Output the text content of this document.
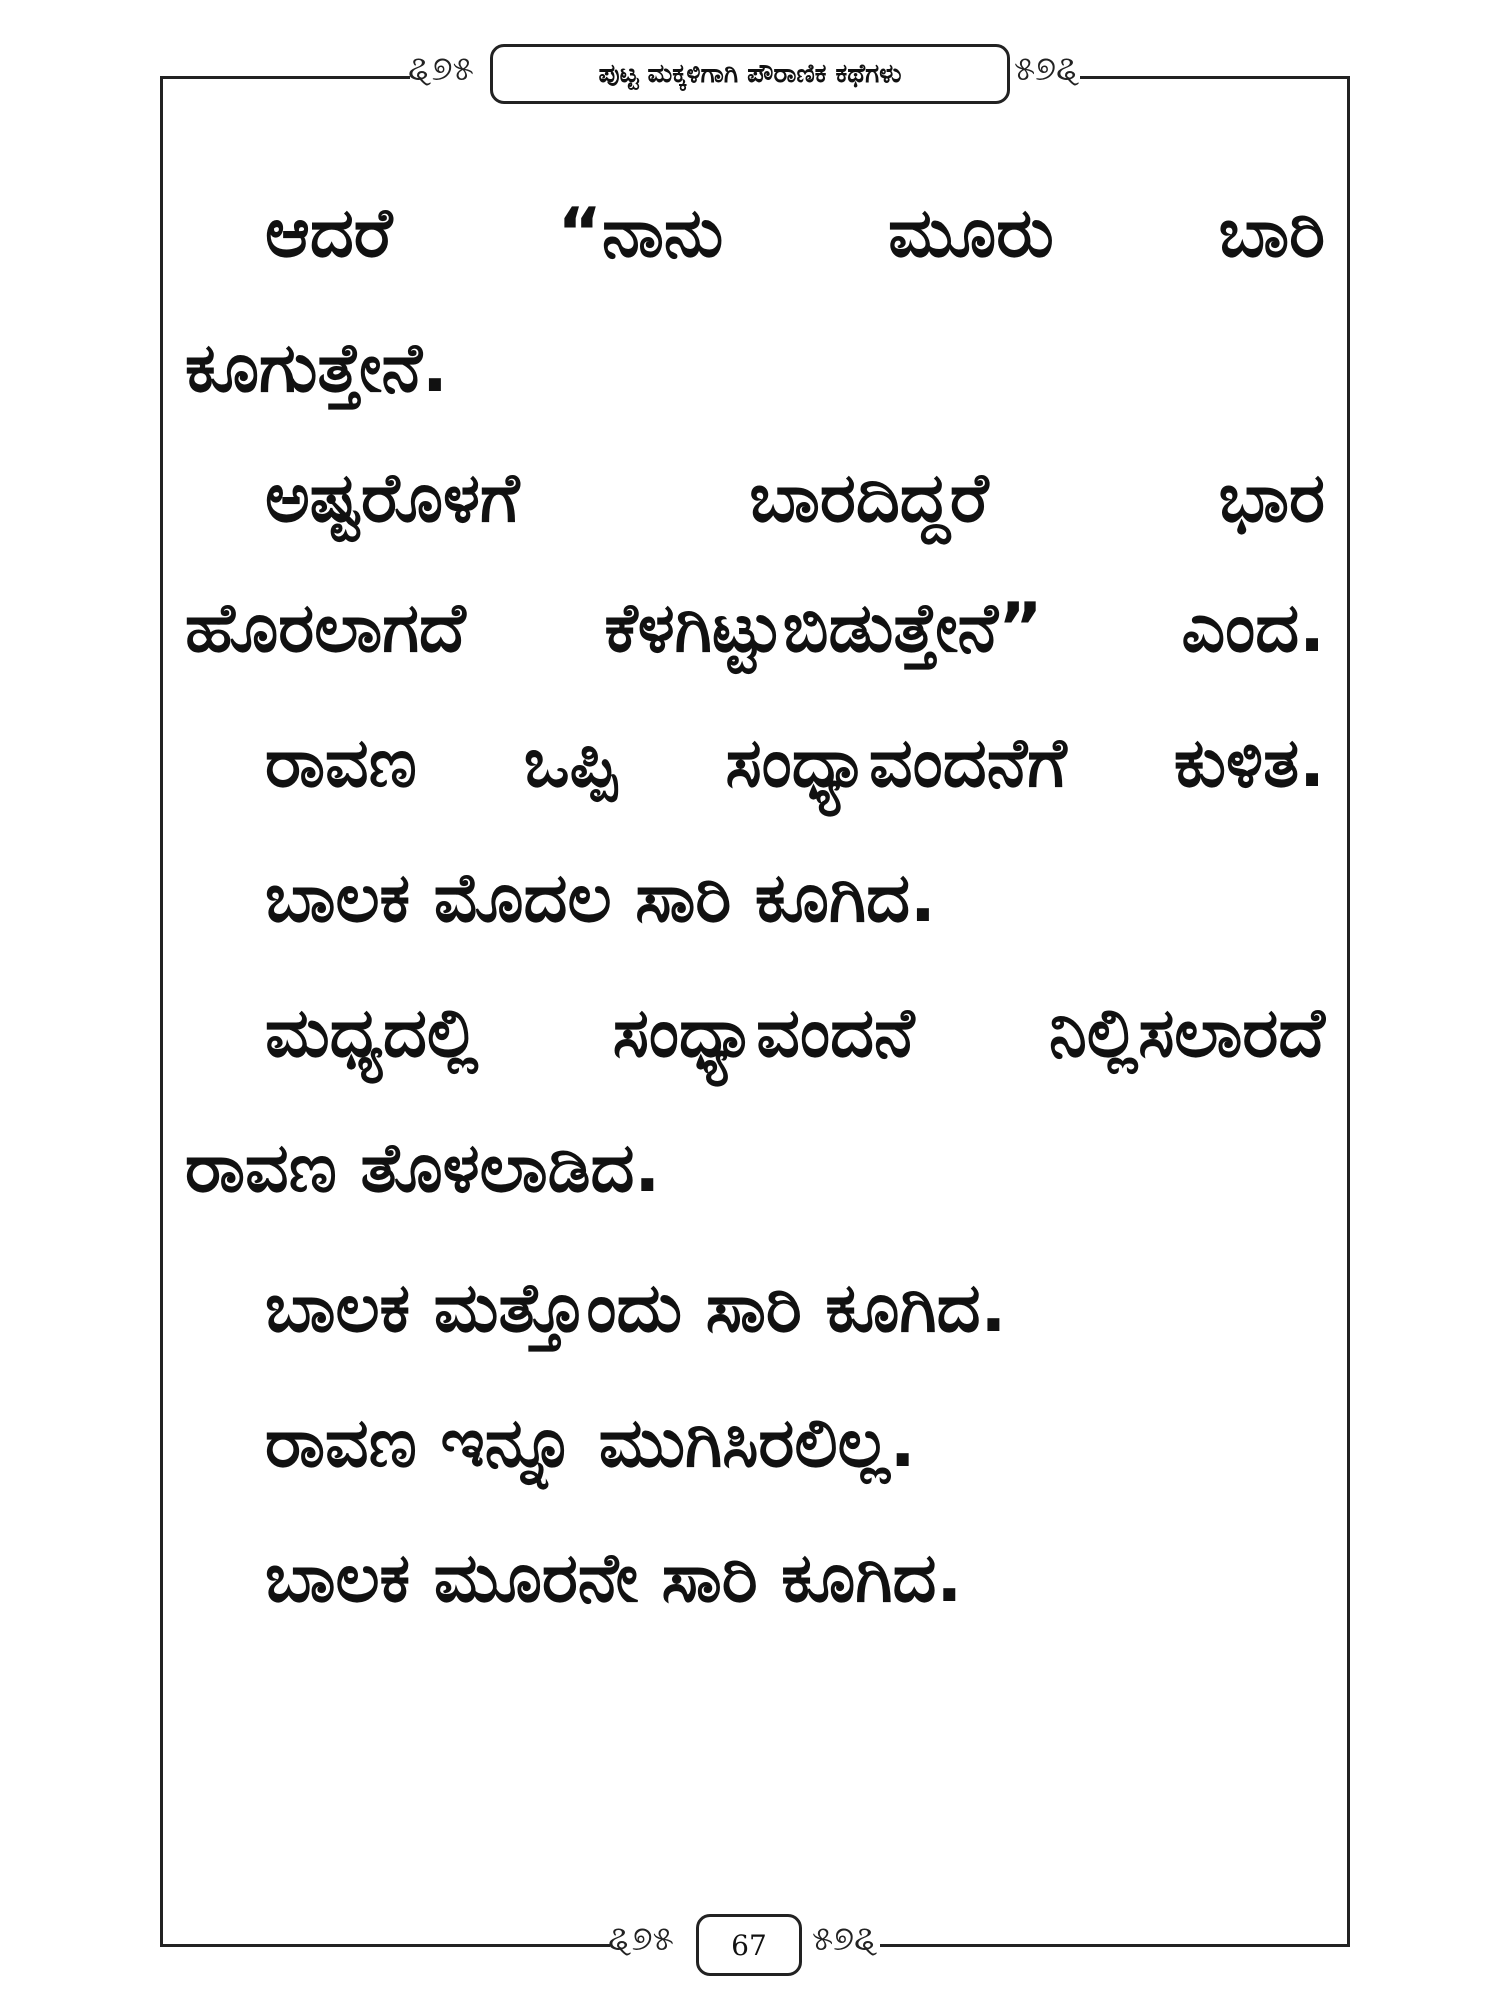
ୡ୭୫	ಪುಟ್ಟ ಮಕ್ಕಳಿಗಾಗಿ ಪೌರಾಣಿಕ ಕಥೆಗಳು	୫୭ୡ
ಆದರೆ “ನಾನು ಮೂರು ಬಾರಿ
ಕೂಗುತ್ತೇನೆ.
ಅಷ್ಟರೊಳಗೆ ಬಾರದಿದ್ದರೆ ಭಾರ
ಹೊರಲಾಗದೆ ಕೆಳಗಿಟ್ಟುಬಿಡುತ್ತೇನೆ” ಎಂದ.
ರಾವಣ ಒಪ್ಪಿ ಸಂಧ್ಯಾವಂದನೆಗೆ ಕುಳಿತ.
ಬಾಲಕ ಮೊದಲ ಸಾರಿ ಕೂಗಿದ.
ಮಧ್ಯದಲ್ಲಿ ಸಂಧ್ಯಾವಂದನೆ ನಿಲ್ಲಿಸಲಾರದೆ
ರಾವಣ ತೊಳಲಾಡಿದ.
ಬಾಲಕ ಮತ್ತೊಂದು ಸಾರಿ ಕೂಗಿದ.
ರಾವಣ ಇನ್ನೂ ಮುಗಿಸಿರಲಿಲ್ಲ.
ಬಾಲಕ ಮೂರನೇ ಸಾರಿ ಕೂಗಿದ.
ୡ୭୫ 67 ୫୭ୡ
